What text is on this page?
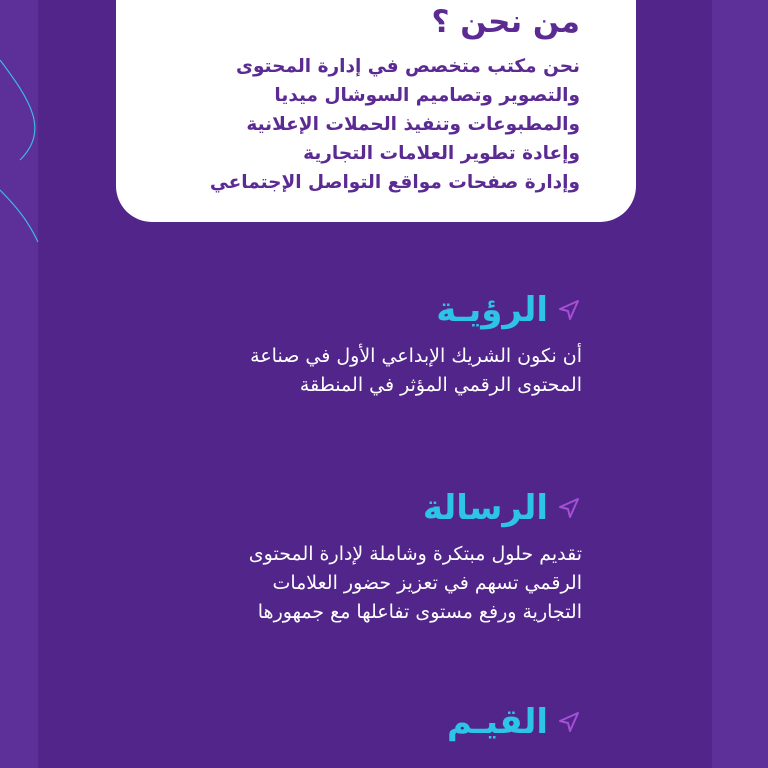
من نحن ؟
نحن مكتب متخصص في إدارة المحتوى
والتصوير وتصاميم السوشال ميديا
والمطبوعات وتنفيذ الحملات الإعلانية
وإعادة تطوير العلامات التجارية
وإدارة صفحات مواقع التواصل الإجتماعي
الرؤيـة
أن نكون الشريك الإبداعي الأول في صناعة
المحتوى الرقمي المؤثر في المنطقة
الرسالة
تقديم حلول مبتكرة وشاملة لإدارة المحتوى
الرقمي تسهم في تعزيز حضور العلامات
التجارية ورفع مستوى تفاعلها مع جمهورها
القيـم
